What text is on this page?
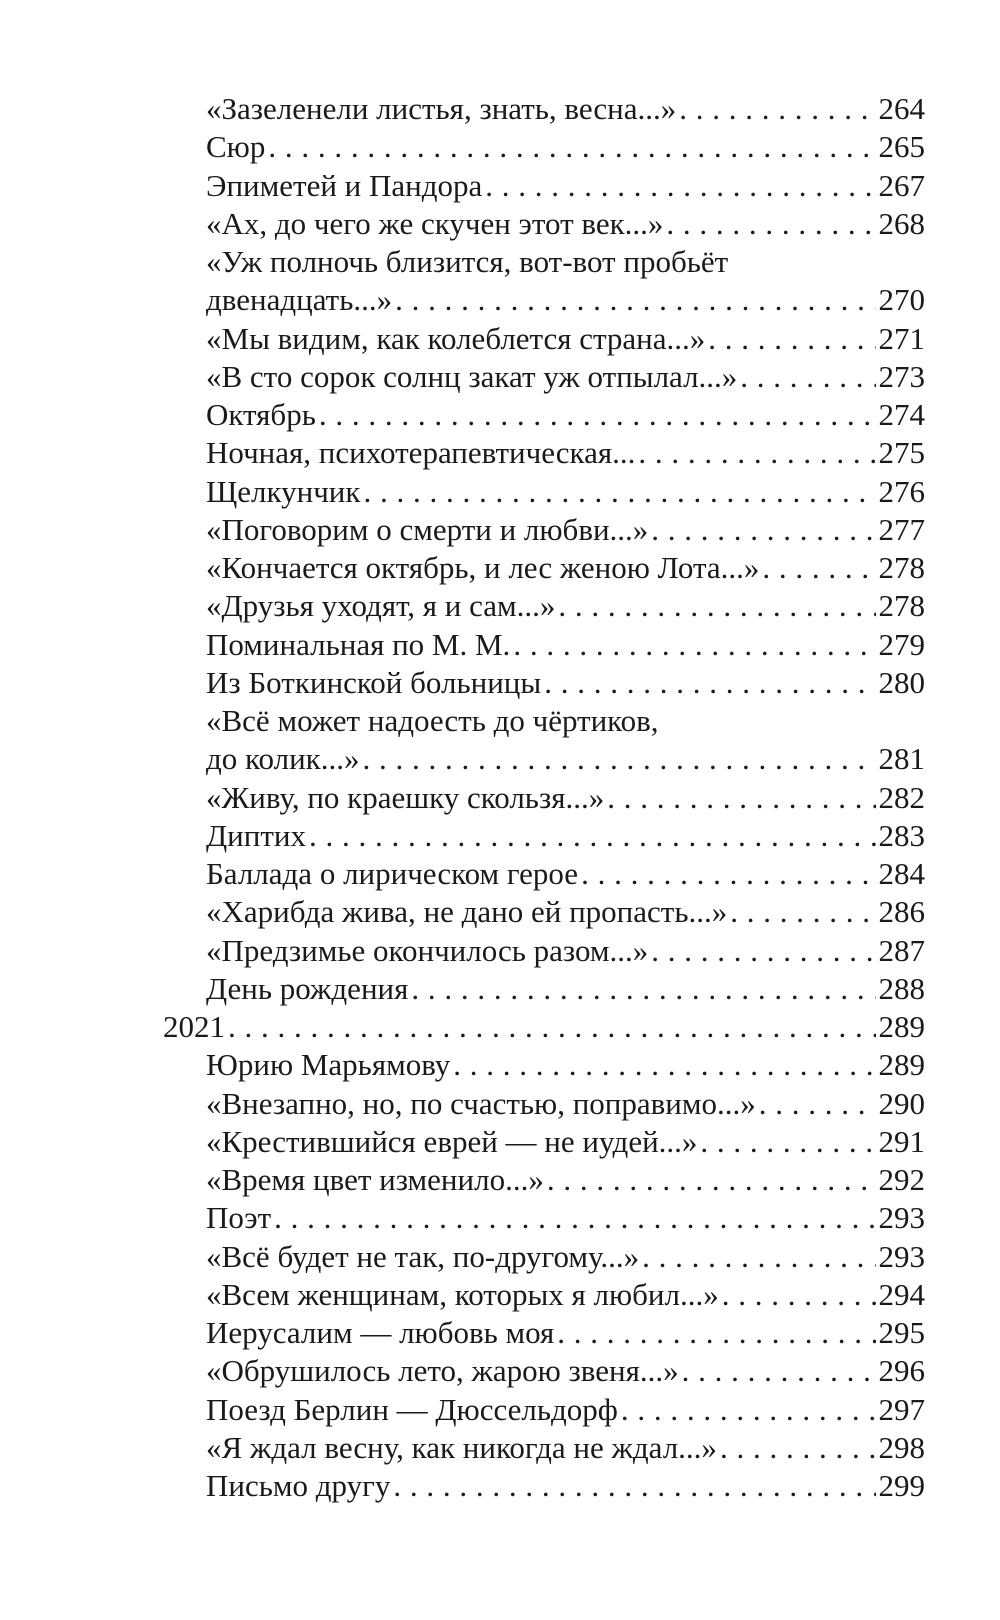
«Зазеленели листья, знать, весна...» . . .	264
Сюр . . .	265
Эпиметей и Пандора . . .	267
«Ах, до чего же скучен этот век...» . . .	268
«Уж полночь близится, вот-вот пробьёт
двенадцать...» . . .	270
«Мы видим, как колеблется страна...» . . .	271
«В сто сорок солнц закат уж отпылал...» . . .	273
Октябрь . . .	274
Ночная, психотерапевтическая... . . .	275
Щелкунчик . . .	276
«Поговорим о смерти и любви...» . . .	277
«Кончается октябрь, и лес женою Лота...» . . .	278
«Друзья уходят, я и сам...» . . .	278
Поминальная по М. М. . . .	279
Из Боткинской больницы . . .	280
«Всё может надоесть до чёртиков,
до колик...» . . .	281
«Живу, по краешку скользя...» . . .	282
Диптих . . .	283
Баллада о лирическом герое . . .	284
«Харибда жива, не дано ей пропасть...» . . .	286
«Предзимье окончилось разом...» . . .	287
День рождения . . .	288
2021 . . .	289
Юрию Марьямову . . .	289
«Внезапно, но, по счастью, поправимо...» . . .	290
«Крестившийся еврей — не иудей...» . . .	291
«Время цвет изменило...» . . .	292
Поэт . . .	293
«Всё будет не так, по-другому...» . . .	293
«Всем женщинам, которых я любил...» . . .	294
Иерусалим — любовь моя . . .	295
«Обрушилось лето, жарою звеня...» . . .	296
Поезд Берлин — Дюссельдорф . . .	297
«Я ждал весну, как никогда не ждал...» . . .	298
Письмо другу . . .	299
